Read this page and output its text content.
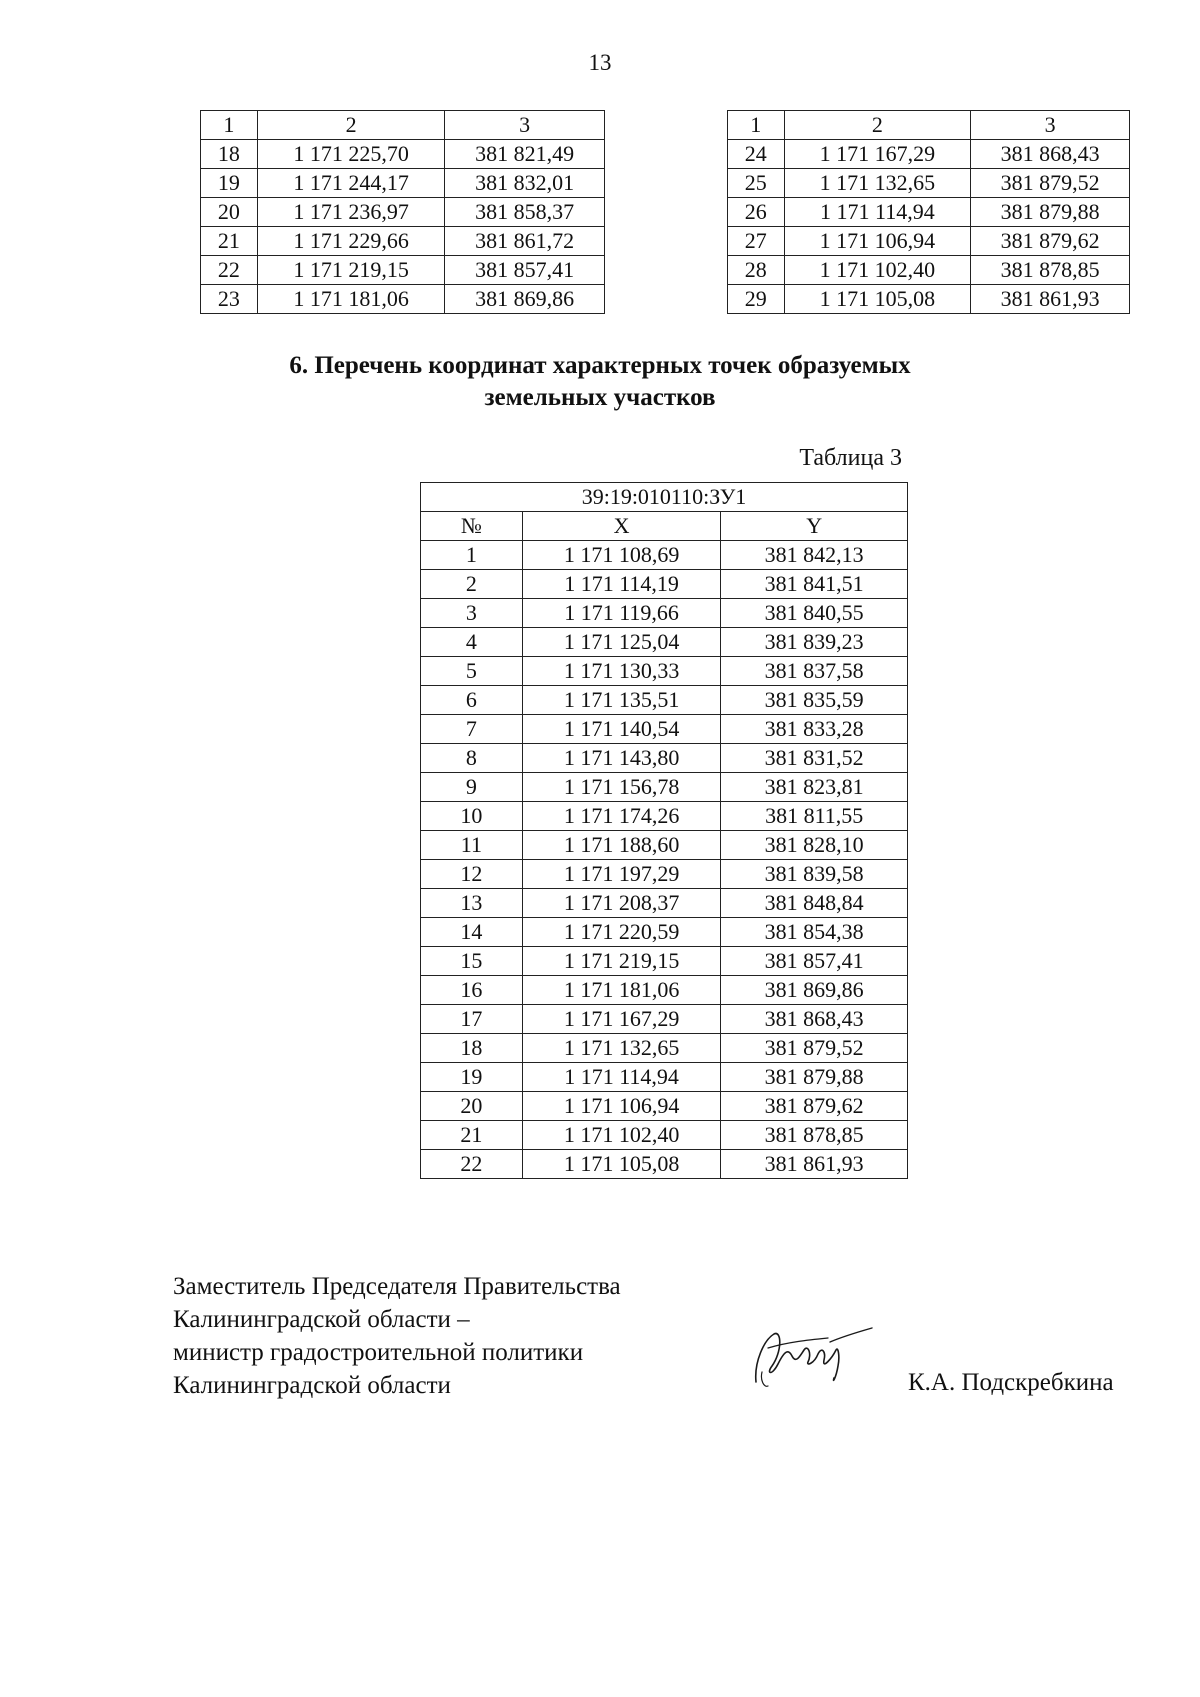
13
1	2	3
18	1 171 225,70	381 821,49
19	1 171 244,17	381 832,01
20	1 171 236,97	381 858,37
21	1 171 229,66	381 861,72
22	1 171 219,15	381 857,41
23	1 171 181,06	381 869,86
1	2	3
24	1 171 167,29	381 868,43
25	1 171 132,65	381 879,52
26	1 171 114,94	381 879,88
27	1 171 106,94	381 879,62
28	1 171 102,40	381 878,85
29	1 171 105,08	381 861,93
6. Перечень координат характерных точек образуемых
земельных участков
Таблица 3
39:19:010110:ЗУ1		
№	X	Y
1	1 171 108,69	381 842,13
2	1 171 114,19	381 841,51
3	1 171 119,66	381 840,55
4	1 171 125,04	381 839,23
5	1 171 130,33	381 837,58
6	1 171 135,51	381 835,59
7	1 171 140,54	381 833,28
8	1 171 143,80	381 831,52
9	1 171 156,78	381 823,81
10	1 171 174,26	381 811,55
11	1 171 188,60	381 828,10
12	1 171 197,29	381 839,58
13	1 171 208,37	381 848,84
14	1 171 220,59	381 854,38
15	1 171 219,15	381 857,41
16	1 171 181,06	381 869,86
17	1 171 167,29	381 868,43
18	1 171 132,65	381 879,52
19	1 171 114,94	381 879,88
20	1 171 106,94	381 879,62
21	1 171 102,40	381 878,85
22	1 171 105,08	381 861,93
Заместитель Председателя Правительства
Калининградской области –
министр градостроительной политики
Калининградской области	К.А. Подскребкина
